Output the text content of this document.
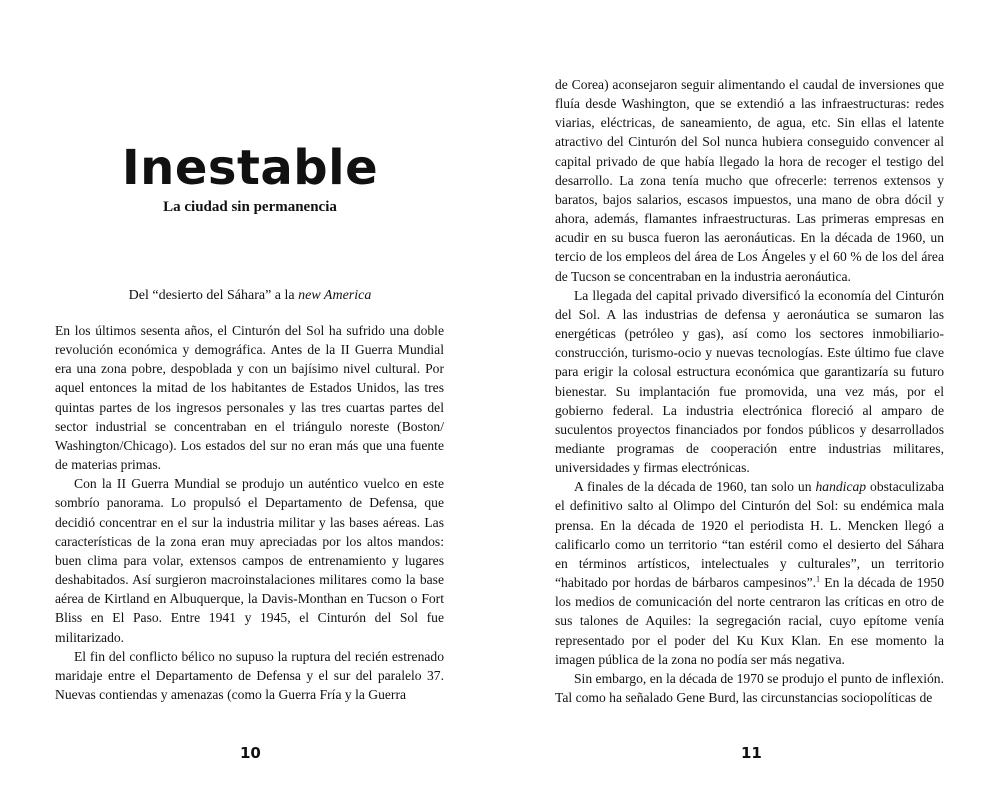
Inestable
La ciudad sin permanencia
Del “desierto del Sáhara” a la new America

En los últimos sesenta años, el Cinturón del Sol ha sufrido una doble revolución económica y demográfica. Antes de la II Guerra Mundial era una zona pobre, despoblada y con un bajísimo nivel cultural. Por aquel entonces la mitad de los habitantes de Estados Unidos, las tres quintas partes de los ingresos personales y las tres cuartas partes del sector industrial se concentraban en el triángulo noreste (Boston/ Washington/Chicago). Los estados del sur no eran más que una fuente de materias primas.

Con la II Guerra Mundial se produjo un auténtico vuelco en este sombrío panorama. Lo propulsó el Departamento de Defensa, que decidió concentrar en el sur la industria militar y las bases aéreas. Las características de la zona eran muy apreciadas por los altos mandos: buen clima para volar, extensos campos de entrenamiento y lugares deshabitados. Así surgieron macroinstalaciones militares como la base aérea de Kirtland en Albuquerque, la Davis-Monthan en Tucson o Fort Bliss en El Paso. Entre 1941 y 1945, el Cinturón del Sol fue militarizado.

El fin del conflicto bélico no supuso la ruptura del recién estrenado maridaje entre el Departamento de Defensa y el sur del paralelo 37. Nuevas contiendas y amenazas (como la Guerra Fría y la Guerra

10

de Corea) aconsejaron seguir alimentando el caudal de inversiones que fluía desde Washington, que se extendió a las infraestructuras: redes viarias, eléctricas, de saneamiento, de agua, etc. Sin ellas el latente atractivo del Cinturón del Sol nunca hubiera conseguido convencer al capital privado de que había llegado la hora de recoger el testigo del desarrollo. La zona tenía mucho que ofrecerle: terrenos extensos y baratos, bajos salarios, escasos impuestos, una mano de obra dócil y ahora, además, flamantes infraestructuras. Las primeras empresas en acudir en su busca fueron las aeronáuticas. En la década de 1960, un tercio de los empleos del área de Los Ángeles y el 60 % de los del área de Tucson se concentraban en la industria aeronáutica.

La llegada del capital privado diversificó la economía del Cinturón del Sol. A las industrias de defensa y aeronáutica se sumaron las energéticas (petróleo y gas), así como los sectores inmobiliario-construcción, turismo-ocio y nuevas tecnologías. Este último fue clave para erigir la colosal estructura económica que garantizaría su futuro bienestar. Su implantación fue promovida, una vez más, por el gobierno federal. La industria electrónica floreció al amparo de suculentos proyectos financiados por fondos públicos y desarrollados mediante programas de cooperación entre industrias militares, universidades y firmas electrónicas.

A finales de la década de 1960, tan solo un handicap obstaculizaba el definitivo salto al Olimpo del Cinturón del Sol: su endémica mala prensa. En la década de 1920 el periodista H. L. Mencken llegó a calificarlo como un territorio “tan estéril como el desierto del Sáhara en términos artísticos, intelectuales y culturales”, un territorio “habitado por hordas de bárbaros campesinos”.$^1$ En la década de 1950 los medios de comunicación del norte centraron las críticas en otro de sus talones de Aquiles: la segregación racial, cuyo epítome venía representado por el poder del Ku Kux Klan. En ese momento la imagen pública de la zona no podía ser más negativa.

Sin embargo, en la década de 1970 se produjo el punto de inflexión. Tal como ha señalado Gene Burd, las circunstancias sociopolíticas de

11
